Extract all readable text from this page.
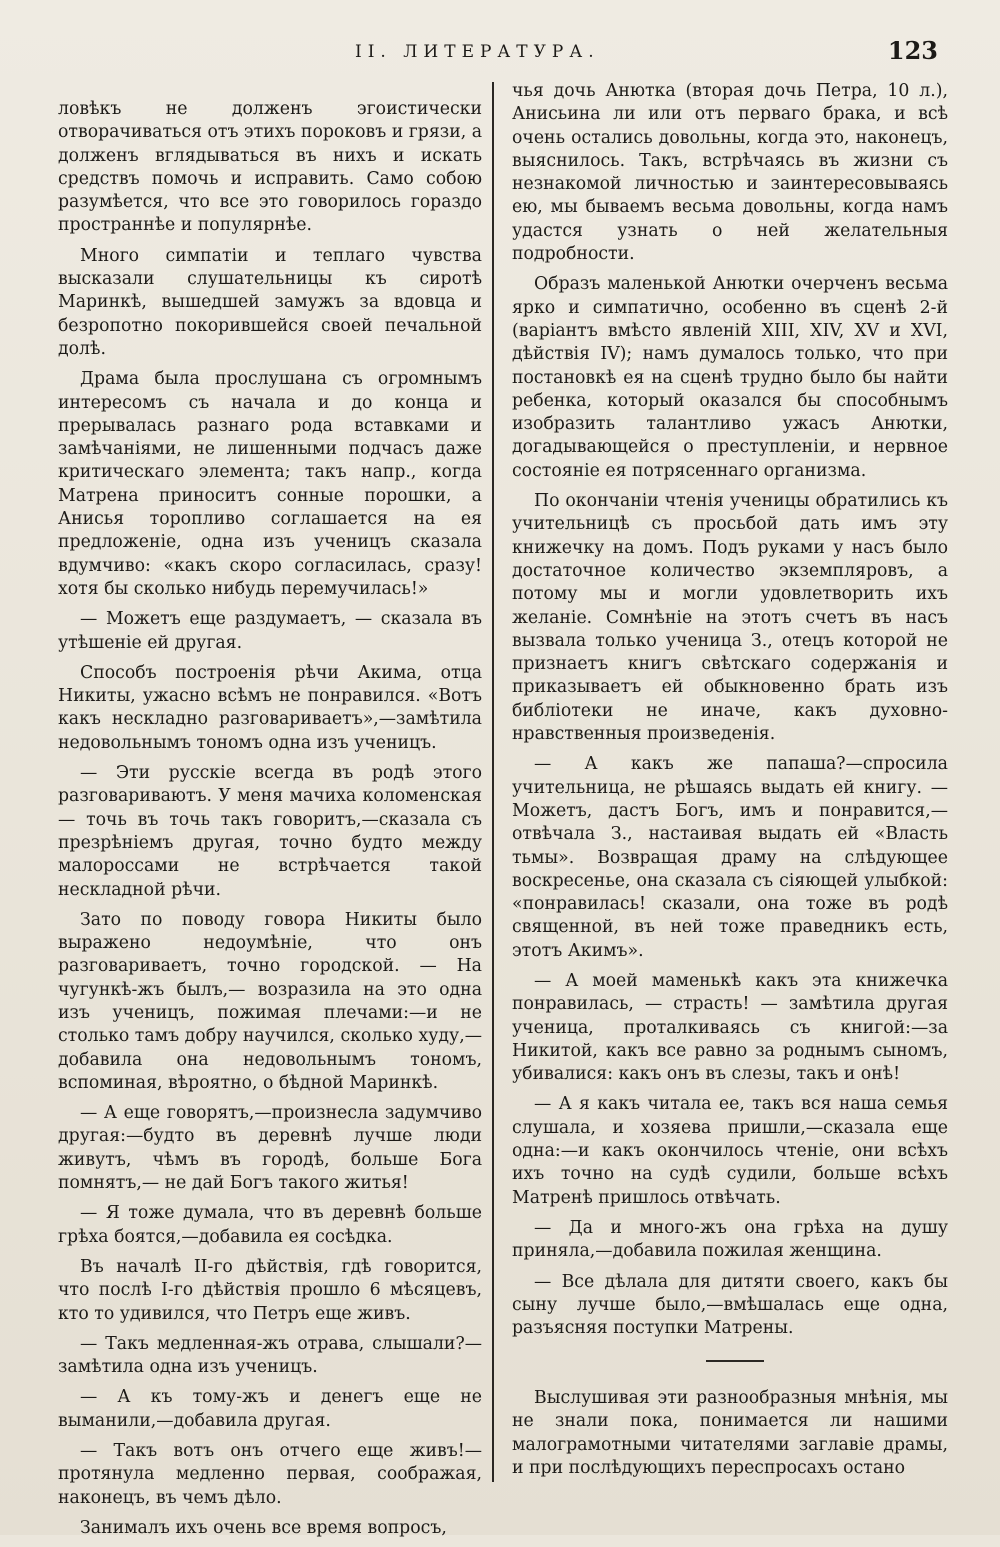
II. ЛИТЕРАТУРА.	123

ловѣкъ не долженъ эгоистически отворачиваться отъ этихъ пороковъ и грязи, а долженъ вглядываться въ нихъ и искать средствъ помочь и исправить. Само собою разумѣется, что все это говорилось гораздо пространнѣе и популярнѣе.

Много симпатіи и теплаго чувства высказали слушательницы къ сиротѣ Маринкѣ, вышедшей замужъ за вдовца и безропотно покорившейся своей печальной долѣ.

Драма была прослушана съ огромнымъ интересомъ съ начала и до конца и прерывалась разнаго рода вставками и замѣчаніями, не лишенными подчасъ даже критическаго элемента; такъ напр., когда Матрена приноситъ сонные порошки, а Анисья торопливо соглашается на ея предложеніе, одна изъ ученицъ сказала вдумчиво: «какъ скоро согласилась, сразу! хотя бы сколько нибудь перемучилась!»

— Можетъ еще раздумаетъ, — сказала въ утѣшеніе ей другая.

Способъ построенія рѣчи Акима, отца Никиты, ужасно всѣмъ не понравился. «Вотъ какъ нескладно разговариваетъ»,—замѣтила недовольнымъ тономъ одна изъ ученицъ.

— Эти русскіе всегда въ родѣ этого разговариваютъ. У меня мачиха коломенская — точь въ точь такъ говоритъ,—сказала съ презрѣніемъ другая, точно будто между малороссами не встрѣчается такой нескладной рѣчи.

Зато по поводу говора Никиты было выражено недоумѣніе, что онъ разговариваетъ, точно городской. — На чугункѣ-жъ былъ,— возразила на это одна изъ ученицъ, пожимая плечами:—и не столько тамъ добру научился, сколько худу,—добавила она недовольнымъ тономъ, вспоминая, вѣроятно, о бѣдной Маринкѣ.

— А еще говорятъ,—произнесла задумчиво другая:—будто въ деревнѣ лучше люди живутъ, чѣмъ въ городѣ, больше Бога помнятъ,— не дай Богъ такого житья!

— Я тоже думала, что въ деревнѣ больше грѣха боятся,—добавила ея сосѣдка.

Въ началѣ II-го дѣйствія, гдѣ говорится, что послѣ I-го дѣйствія прошло 6 мѣсяцевъ, кто то удивился, что Петръ еще живъ.

— Такъ медленная-жъ отрава, слышали?— замѣтила одна изъ ученицъ.

— А къ тому-жъ и денегъ еще не выманили,—добавила другая.

— Такъ вотъ онъ отчего еще живъ!—протянула медленно первая, соображая, наконецъ, въ чемъ дѣло.

Занималъ ихъ очень все время вопросъ,

чья дочь Анютка (вторая дочь Петра, 10 л.), Анисьина ли или отъ перваго брака, и всѣ очень остались довольны, когда это, наконецъ, выяснилось. Такъ, встрѣчаясь въ жизни съ незнакомой личностью и заинтересовываясь ею, мы бываемъ весьма довольны, когда намъ удастся узнать о ней желательныя подробности.

Образъ маленькой Анютки очерченъ весьма ярко и симпатично, особенно въ сценѣ 2-й (варіантъ вмѣсто явленій XIII, XIV, XV и XVI, дѣйствія IV); намъ думалось только, что при постановкѣ ея на сценѣ трудно было бы найти ребенка, который оказался бы способнымъ изобразить талантливо ужасъ Анютки, догадывающейся о преступленіи, и нервное состояніе ея потрясеннаго организма.

По окончаніи чтенія ученицы обратились къ учительницѣ съ просьбой дать имъ эту книжечку на домъ. Подъ руками у насъ было достаточное количество экземпляровъ, а потому мы и могли удовлетворить ихъ желаніе. Сомнѣніе на этотъ счетъ въ насъ вызвала только ученица З., отецъ которой не признаетъ книгъ свѣтскаго содержанія и приказываетъ ей обыкновенно брать изъ библіотеки не иначе, какъ духовно-нравственныя произведенія.

— А какъ же папаша?—спросила учительница, не рѣшаясь выдать ей книгу. — Можетъ, дастъ Богъ, имъ и понравится,—отвѣчала З., настаивая выдать ей «Власть тьмы». Возвращая драму на слѣдующее воскресенье, она сказала съ сіяющей улыбкой: «понравилась! сказали, она тоже въ родѣ священной, въ ней тоже праведникъ есть, этотъ Акимъ».

— А моей маменькѣ какъ эта книжечка понравилась, — страсть! — замѣтила другая ученица, проталкиваясь съ книгой:—за Никитой, какъ все равно за роднымъ сыномъ, убивалися: какъ онъ въ слезы, такъ и онѣ!

— А я какъ читала ее, такъ вся наша семья слушала, и хозяева пришли,—сказала еще одна:—и какъ окончилось чтеніе, они всѣхъ ихъ точно на судѣ судили, больше всѣхъ Матренѣ пришлось отвѣчать.

— Да и много-жъ она грѣха на душу приняла,—добавила пожилая женщина.

— Все дѣлала для дитяти своего, какъ бы сыну лучше было,—вмѣшалась еще одна, разъясняя поступки Матрены.

Выслушивая эти разнообразныя мнѣнія, мы не знали пока, понимается ли нашими малограмотными читателями заглавіе драмы, и при послѣдующихъ переспросахъ остано
